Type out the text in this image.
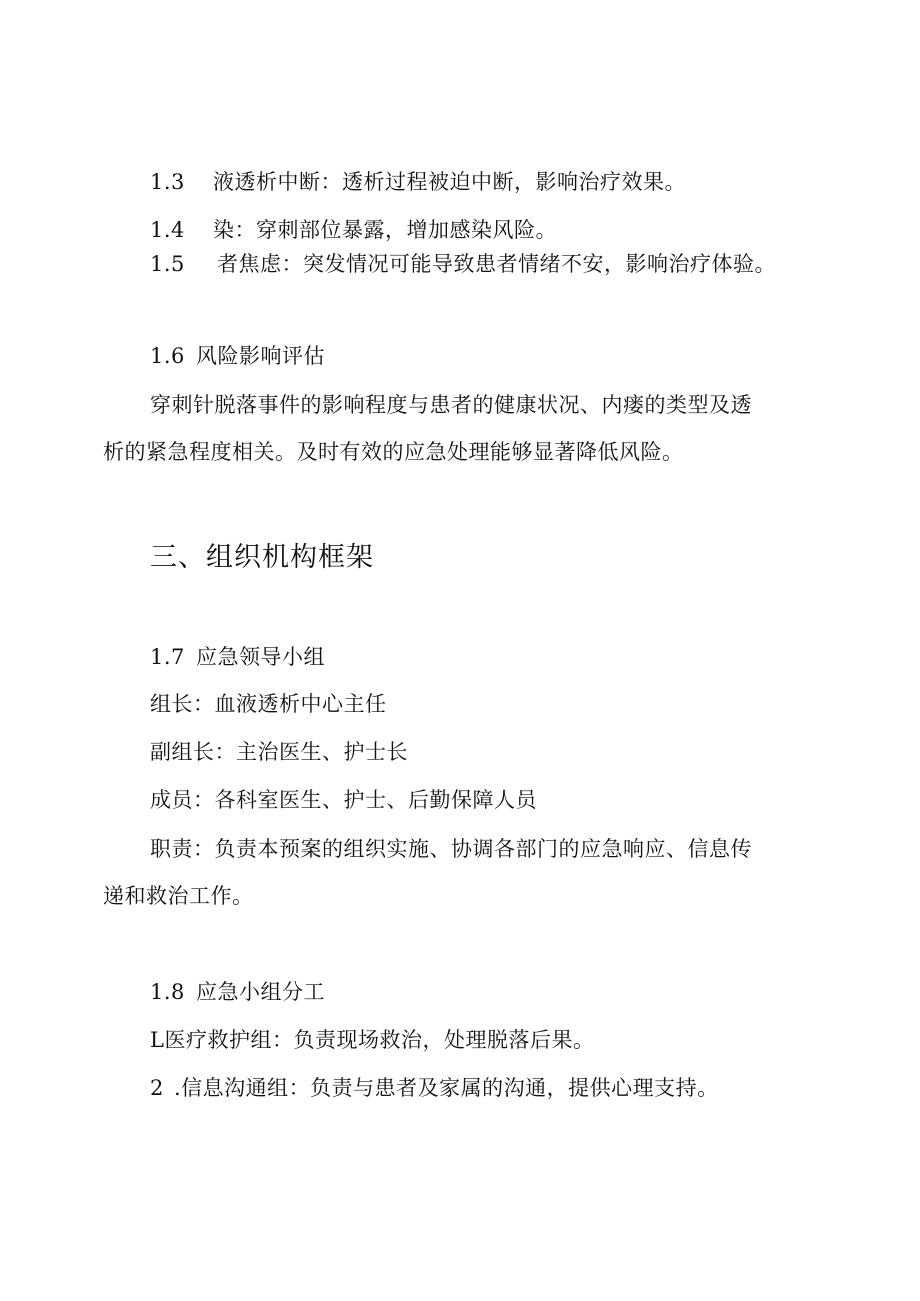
1.3 液透析中断：透析过程被迫中断，影响治疗效果。
1.4 染：穿刺部位暴露，增加感染风险。
1.5 者焦虑：突发情况可能导致患者情绪不安，影响治疗体验。
1.6 风险影响评估
穿刺针脱落事件的影响程度与患者的健康状况、内瘘的类型及透
析的紧急程度相关。及时有效的应急处理能够显著降低风险。
三、组织机构框架
1.7 应急领导小组
组长：血液透析中心主任
副组长：主治医生、护士长
成员：各科室医生、护士、后勤保障人员
职责：负责本预案的组织实施、协调各部门的应急响应、信息传
递和救治工作。
1.8 应急小组分工
L医疗救护组：负责现场救治，处理脱落后果。
2 .信息沟通组：负责与患者及家属的沟通，提供心理支持。
